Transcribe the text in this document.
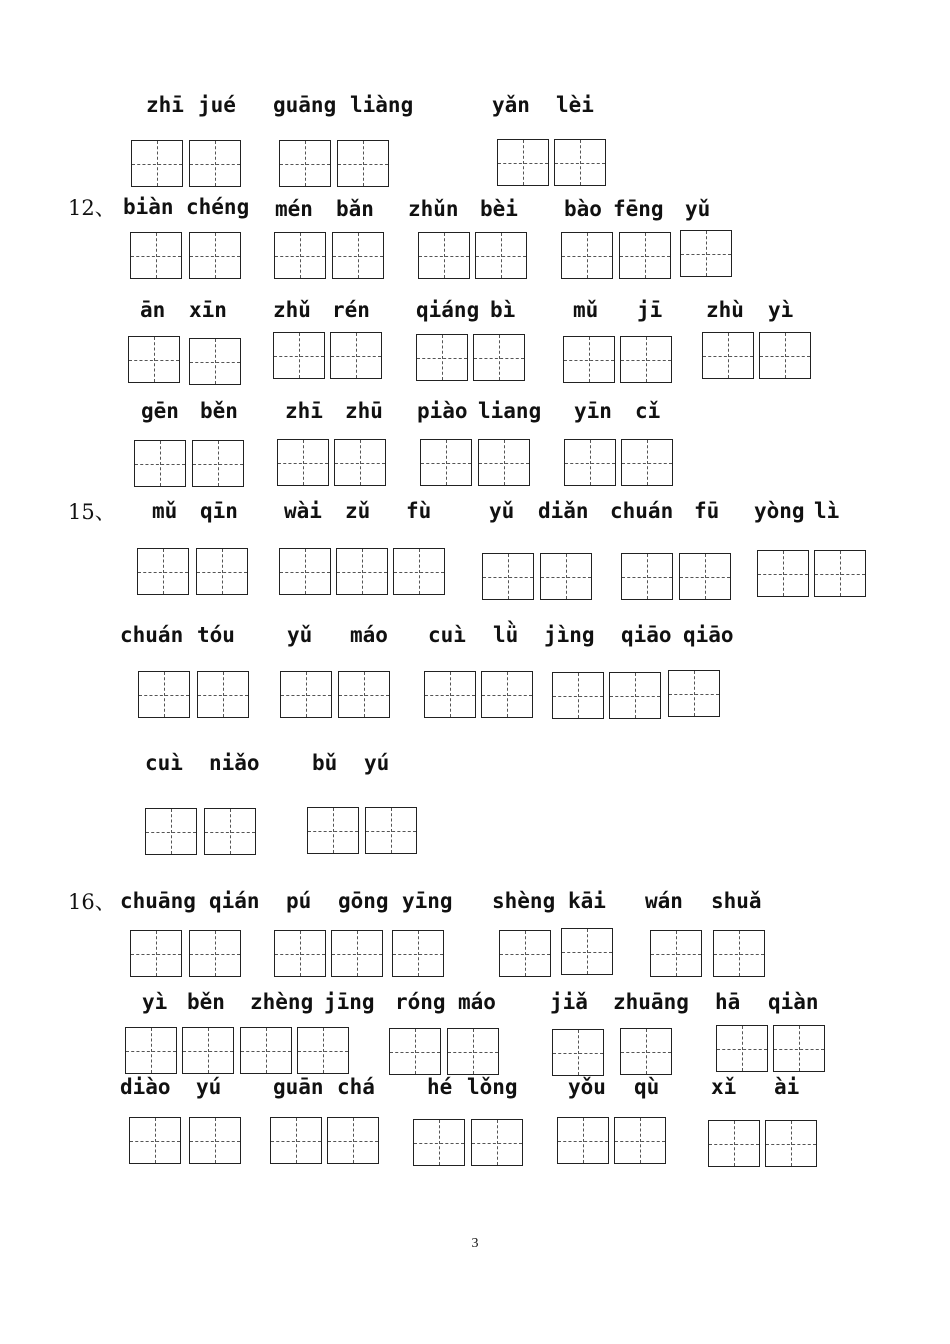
zhī jué guāng liàng	yǎn lèi
12、 biàn chéng mén bǎn zhǔn bèi bào fēng yǔ
ān xīn zhǔ rén qiáng bì	mǔ jī zhù yì
gēn běn zhī zhū piào liang yīn cǐ
15、 mǔ qīn wài zǔ fù	yǔ diǎn chuán fū yòng lì
chuán tóu yǔ máo cuì lǜ jìng qiāo qiāo
cuì niǎo bǔ yú
16、 chuāng qián pú gōng yīng shèng kāi wán shuǎ
yì běn zhèng jīng róng máo	jiǎ zhuāng hā qiàn
diào yú guān chá hé lǒng yǒu qù xǐ ài
3
